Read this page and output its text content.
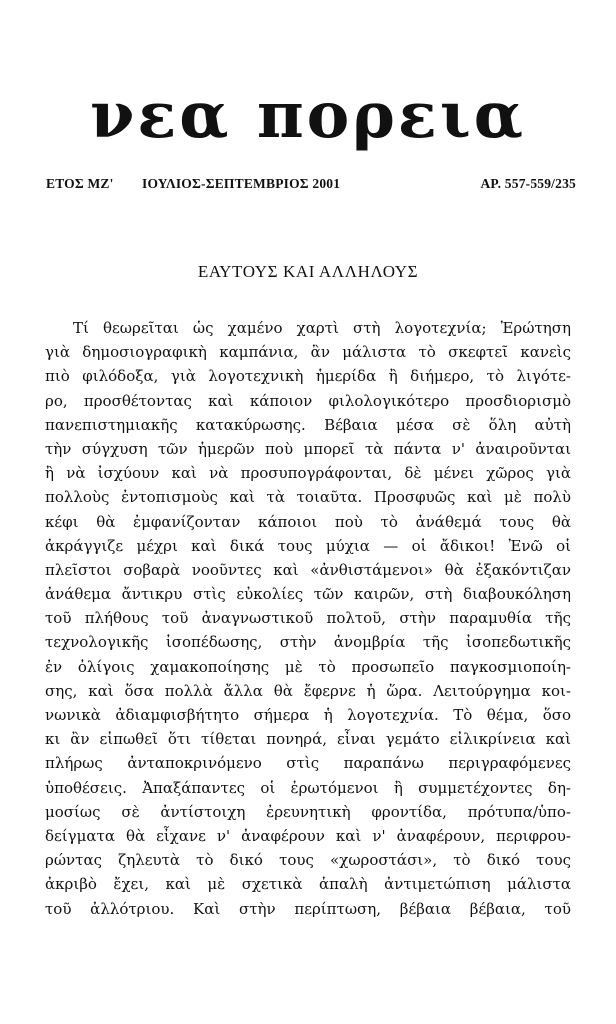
νεα πορεια
ΕΤΟΣ ΜΖ' ΙΟΥΛΙΟΣ-ΣΕΠΤΕΜΒΡΙΟΣ 2001	ΑΡ. 557-559/235
ΕΑΥΤΟΥΣ ΚΑΙ ΑΛΛΗΛΟΥΣ
Τί θεωρεῖται ὡς χαμένο χαρτὶ στὴ λογοτεχνία; Ἐρώτηση
γιὰ δημοσιογραφικὴ καμπάνια, ἂν μάλιστα τὸ σκεφτεῖ κανεὶς
πιὸ φιλόδοξα, γιὰ λογοτεχνικὴ ἡμερίδα ἢ διήμερο, τὸ λιγότε-
ρο, προσθέτοντας καὶ κάποιον φιλολογικότερο προσδιορισμὸ
πανεπιστημιακῆς κατακύρωσης. Βέβαια μέσα σὲ ὅλη αὐτὴ
τὴν σύγχυση τῶν ἡμερῶν ποὺ μπορεῖ τὰ πάντα ν' ἀναιροῦνται
ἢ νὰ ἰσχύουν καὶ νὰ προσυπογράφονται, δὲ μένει χῶρος γιὰ
πολλοὺς ἐντοπισμοὺς καὶ τὰ τοιαῦτα. Προσφυῶς καὶ μὲ πολὺ
κέφι θὰ ἐμφανίζονταν κάποιοι ποὺ τὸ ἀνάθεμά τους θὰ
ἀκράγγιζε μέχρι καὶ δικά τους μύχια — οἱ ἄδικοι! Ἐνῶ οἱ
πλεῖστοι σοβαρὰ νοοῦντες καὶ «ἀνθιστάμενοι» θὰ ἐξακόντιζαν
ἀνάθεμα ἄντικρυ στὶς εὐκολίες τῶν καιρῶν, στὴ διαβουκόληση
τοῦ πλήθους τοῦ ἀναγνωστικοῦ πολτοῦ, στὴν παραμυθία τῆς
τεχνολογικῆς ἰσοπέδωσης, στὴν ἀνομβρία τῆς ἰσοπεδωτικῆς
ἐν ὀλίγοις χαμακοποίησης μὲ τὸ προσωπεῖο παγκοσμιοποίη-
σης, καὶ ὅσα πολλὰ ἄλλα θὰ ἔφερνε ἡ ὥρα. Λειτούργημα κοι-
νωνικὰ ἀδιαμφισβήτητο σήμερα ἡ λογοτεχνία. Τὸ θέμα, ὅσο
κι ἂν εἰπωθεῖ ὅτι τίθεται πονηρά, εἶναι γεμάτο εἰλικρίνεια καὶ
πλήρως ἀνταποκρινόμενο στὶς παραπάνω περιγραφόμενες
ὑποθέσεις. Ἀπαξάπαντες οἱ ἐρωτόμενοι ἢ συμμετέχοντες δη-
μοσίως σὲ ἀντίστοιχη ἐρευνητικὴ φροντίδα, πρότυπα/ὑπο-
δείγματα θὰ εἶχανε ν' ἀναφέρουν καὶ ν' ἀναφέρουν, περιφρου-
ρώντας ζηλευτὰ τὸ δικό τους «χωροστάσι», τὸ δικό τους
ἀκριβὸ ἔχει, καὶ μὲ σχετικὰ ἀπαλὴ ἀντιμετώπιση μάλιστα
τοῦ ἀλλότριου. Καὶ στὴν περίπτωση, βέβαια βέβαια, τοῦ
